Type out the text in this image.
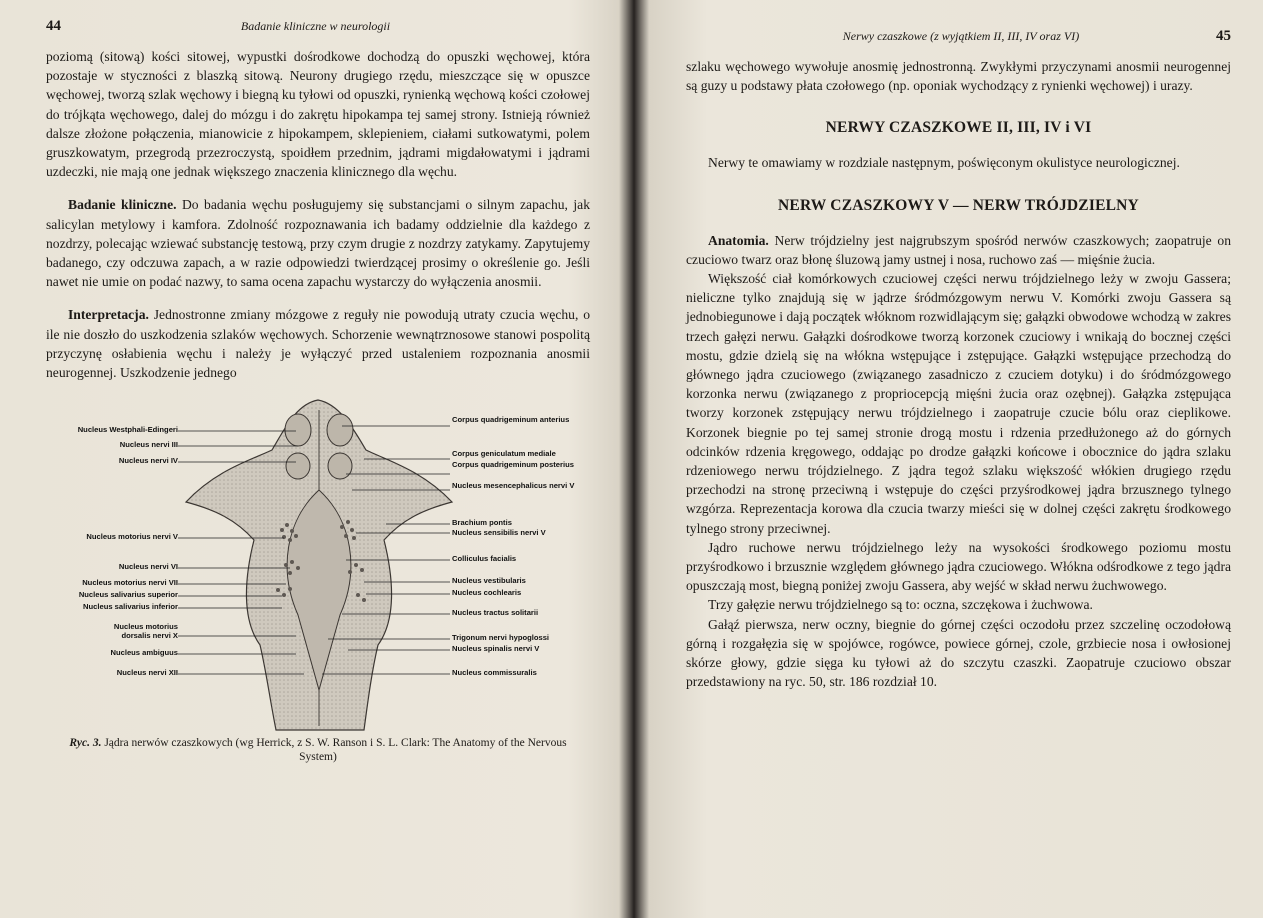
44	Badanie kliniczne w neurologii

poziomą (sitową) kości sitowej, wypustki dośrodkowe dochodzą do opuszki węchowej, która pozostaje w styczności z blaszką sitową. Neurony drugiego rzędu, mieszczące się w opuszce węchowej, tworzą szlak węchowy i biegną ku tyłowi od opuszki, rynienką węchową kości czołowej do trójkąta węchowego, dalej do mózgu i do zakrętu hipokampa tej samej strony. Istnieją również dalsze złożone połączenia, mianowicie z hipokampem, sklepieniem, ciałami sutkowatymi, polem gruszkowatym, przegrodą przezroczystą, spoidłem przednim, jądrami migdałowatymi i jądrami uzdeczki, nie mają one jednak większego znaczenia klinicznego dla węchu.

Badanie kliniczne. Do badania węchu posługujemy się substancjami o silnym zapachu, jak salicylan metylowy i kamfora. Zdolność rozpoznawania ich badamy oddzielnie dla każdego z nozdrzy, polecając wziewać substancję testową, przy czym drugie z nozdrzy zatykamy. Zapytujemy badanego, czy odczuwa zapach, a w razie odpowiedzi twierdzącej prosimy o określenie go. Jeśli nawet nie umie on podać nazwy, to sama ocena zapachu wystarczy do wyłączenia anosmii.

Interpretacja. Jednostronne zmiany mózgowe z reguły nie powodują utraty czucia węchu, o ile nie doszło do uszkodzenia szlaków węchowych. Schorzenie wewnątrznosowe stanowi pospolitą przyczynę osłabienia węchu i należy je wyłączyć przed ustaleniem rozpoznania anosmii neurogennej. Uszkodzenie jednego

Nucleus Westphali-Edingeri
Nucleus nervi III
Nucleus nervi IV
Nucleus motorius nervi V
Nucleus nervi VI
Nucleus motorius nervi VII
Nucleus salivarius superior
Nucleus salivarius inferior
Nucleus motorius dorsalis nervi X
Nucleus ambiguus
Nucleus nervi XII
Corpus quadrigeminum anterius
Corpus geniculatum mediale
Corpus quadrigeminum posterius
Nucleus mesencephalicus nervi V
Brachium pontis
Nucleus sensibilis nervi V
Colliculus facialis
Nucleus vestibularis
Nucleus cochlearis
Nucleus tractus solitarii
Trigonum nervi hypoglossi
Nucleus spinalis nervi V
Nucleus commissuralis
Ryc. 3. Jądra nerwów czaszkowych (wg Herrick, z S. W. Ranson i S. L. Clark: The Anatomy of the Nervous System)
Nerwy czaszkowe (z wyjątkiem II, III, IV oraz VI)	45

szlaku węchowego wywołuje anosmię jednostronną. Zwykłymi przyczynami anosmii neurogennej są guzy u podstawy płata czołowego (np. oponiak wychodzący z rynienki węchowej) i urazy.

NERWY CZASZKOWE II, III, IV i VI

Nerwy te omawiamy w rozdziale następnym, poświęconym okulistyce neurologicznej.

NERW CZASZKOWY V — NERW TRÓJDZIELNY

Anatomia. Nerw trójdzielny jest najgrubszym spośród nerwów czaszkowych; zaopatruje on czuciowo twarz oraz błonę śluzową jamy ustnej i nosa, ruchowo zaś — mięśnie żucia.

Większość ciał komórkowych czuciowej części nerwu trójdzielnego leży w zwoju Gassera; nieliczne tylko znajdują się w jądrze śródmózgowym nerwu V. Komórki zwoju Gassera są jednobiegunowe i dają początek włóknom rozwidlającym się; gałązki obwodowe wchodzą w zakres trzech gałęzi nerwu. Gałązki dośrodkowe tworzą korzonek czuciowy i wnikają do bocznej części mostu, gdzie dzielą się na włókna wstępujące i zstępujące. Gałązki wstępujące przechodzą do głównego jądra czuciowego (związanego zasadniczo z czuciem dotyku) i do śródmózgowego korzonka nerwu (związanego z propriocepcją mięśni żucia oraz ozębnej). Gałązka zstępująca tworzy korzonek zstępujący nerwu trójdzielnego i zaopatruje czucie bólu oraz cieplikowe. Korzonek biegnie po tej samej stronie drogą mostu i rdzenia przedłużonego aż do górnych odcinków rdzenia kręgowego, oddając po drodze gałązki końcowe i obocznice do jądra szlaku rdzeniowego nerwu trójdzielnego. Z jądra tegoż szlaku większość włókien drugiego rzędu przechodzi na stronę przeciwną i wstępuje do części przyśrodkowej jądra brzusznego tylnego wzgórza. Reprezentacja korowa dla czucia twarzy mieści się w dolnej części zakrętu środkowego tylnego strony przeciwnej.

Jądro ruchowe nerwu trójdzielnego leży na wysokości środkowego poziomu mostu przyśrodkowo i brzusznie względem głównego jądra czuciowego. Włókna odśrodkowe z tego jądra opuszczają most, biegną poniżej zwoju Gassera, aby wejść w skład nerwu żuchwowego.

Trzy gałęzie nerwu trójdzielnego są to: oczna, szczękowa i żuchwowa.

Gałąź pierwsza, nerw oczny, biegnie do górnej części oczodołu przez szczelinę oczodołową górną i rozgałęzia się w spojówce, rogówce, powiece górnej, czole, grzbiecie nosa i owłosionej skórze głowy, gdzie sięga ku tyłowi aż do szczytu czaszki. Zaopatruje czuciowo obszar przedstawiony na ryc. 50, str. 186 rozdział 10.
